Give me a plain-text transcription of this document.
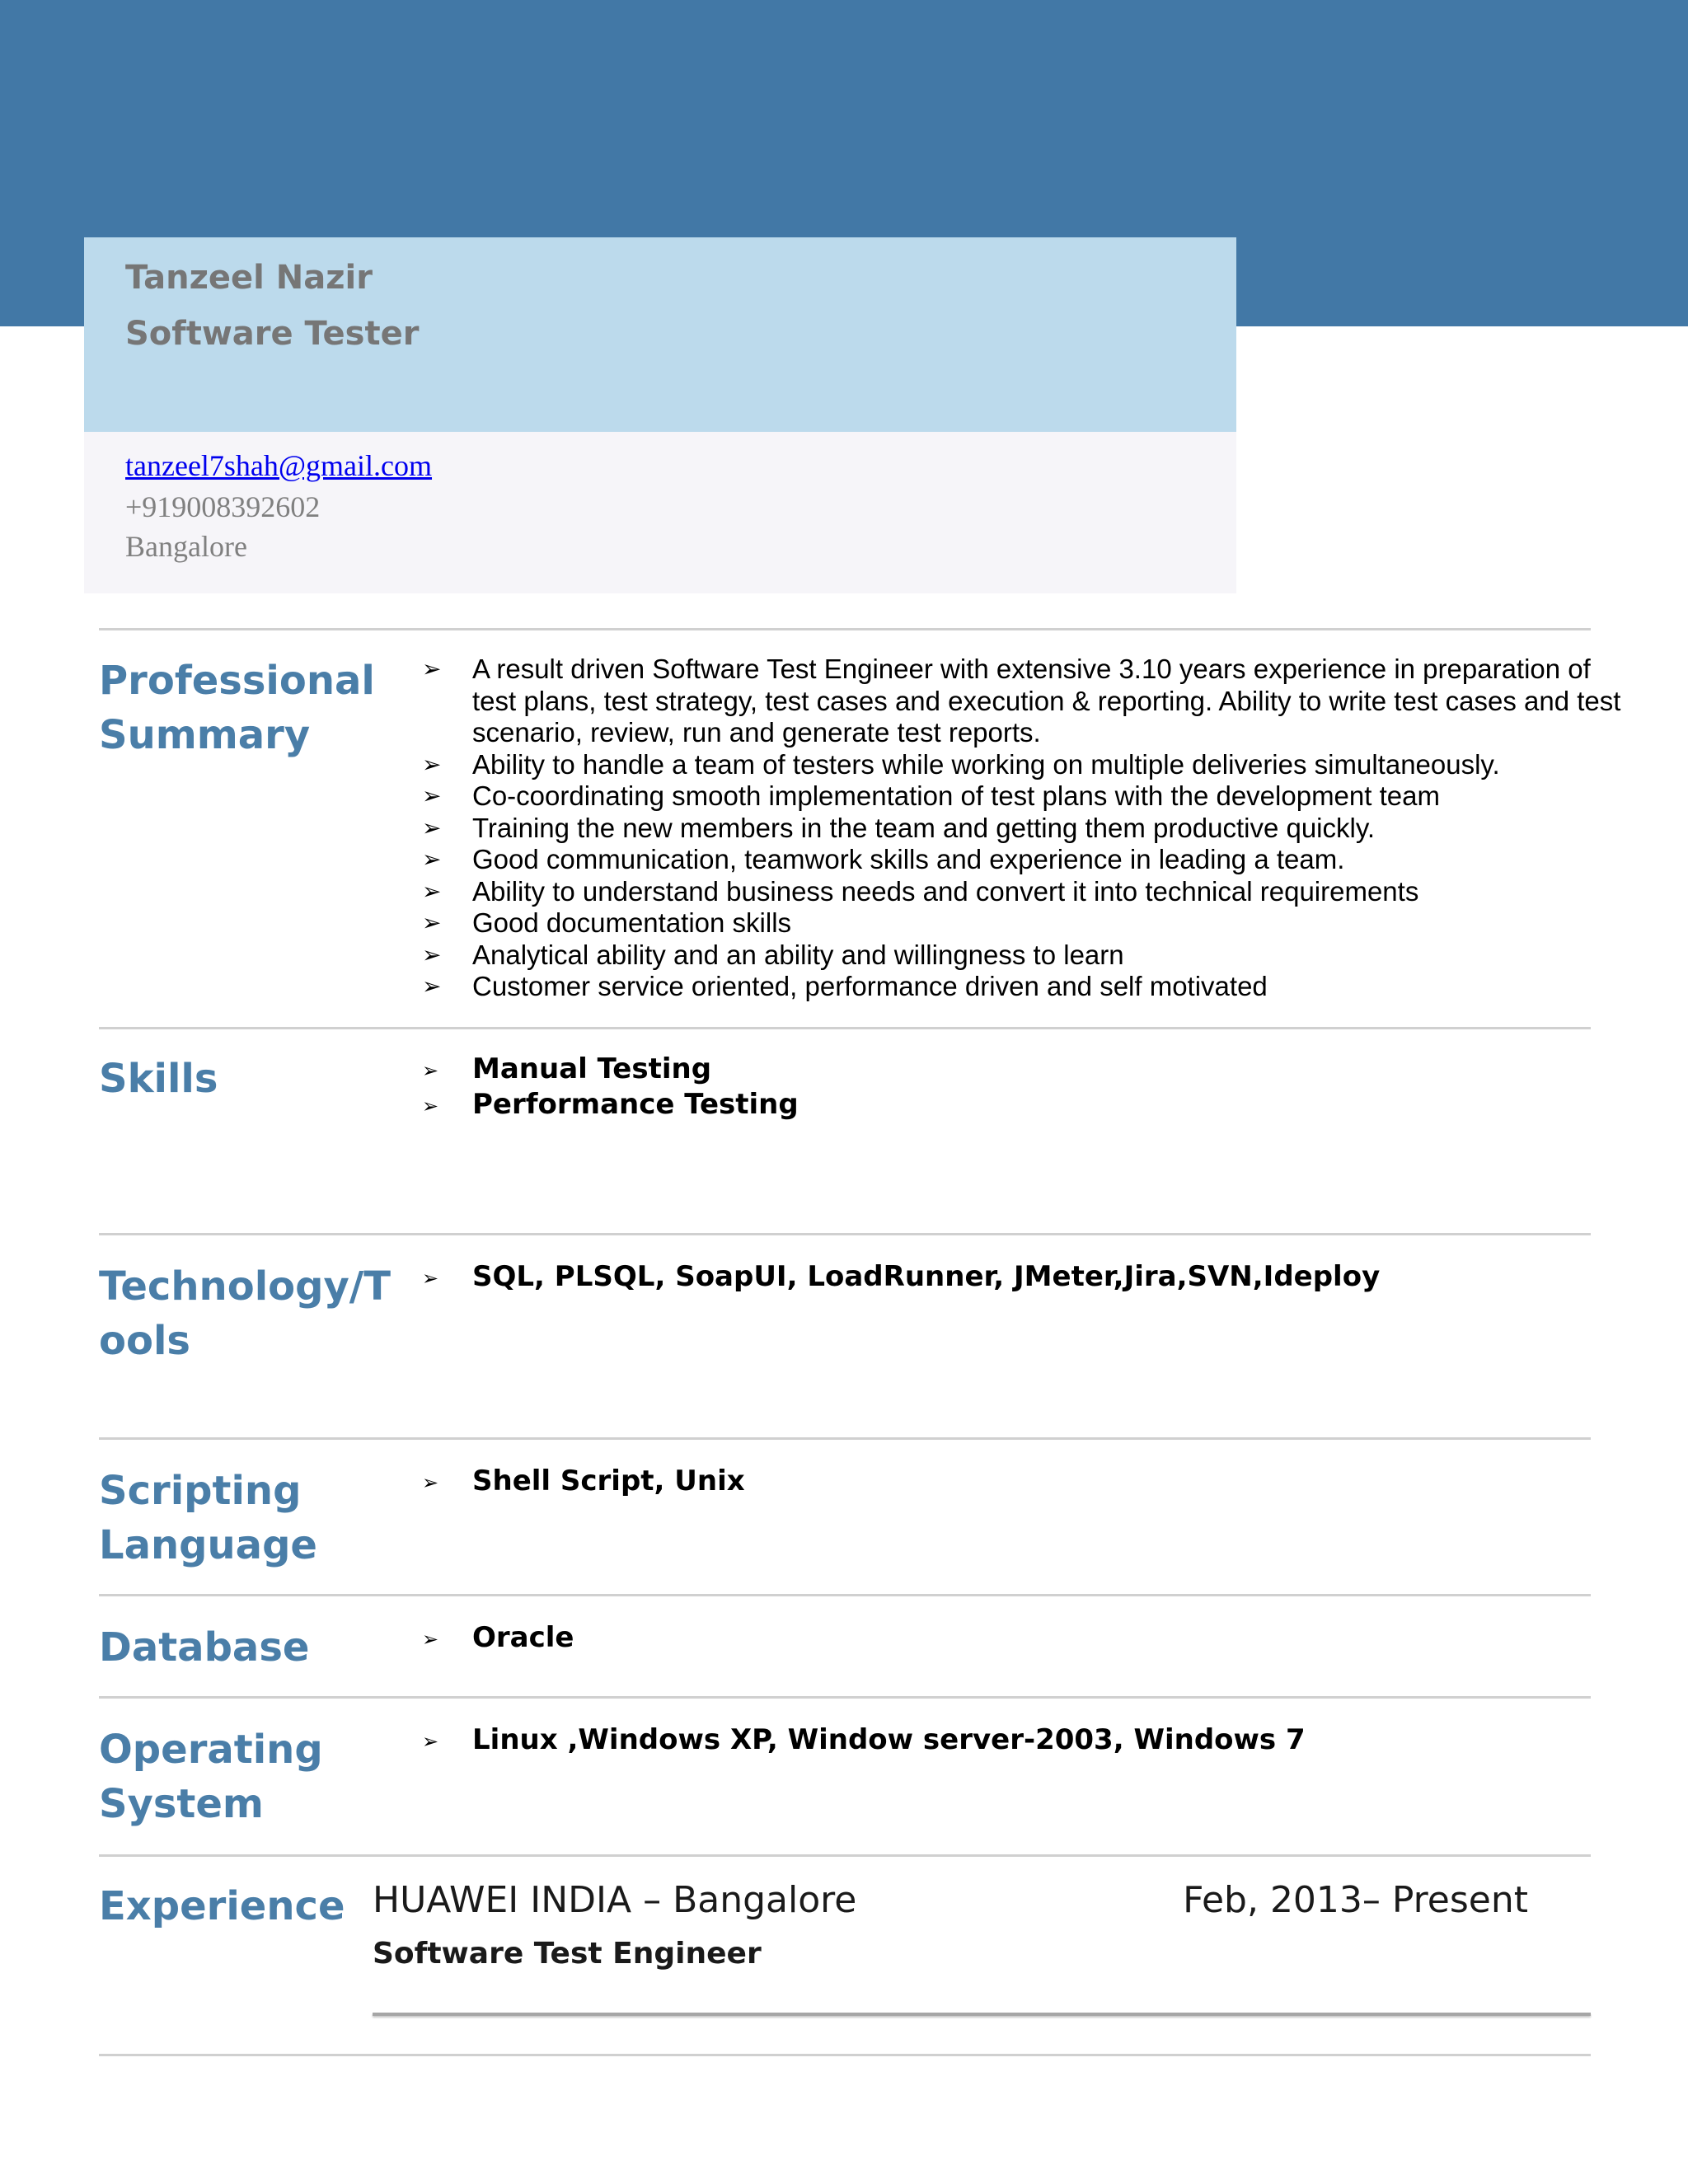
Tanzeel Nazir
Software Tester
tanzeel7shah@gmail.com
+919008392602
Bangalore
Professional
Summary
➢ A result driven Software Test Engineer with extensive 3.10 years experience in preparation of test plans, test strategy, test cases and execution & reporting. Ability to write test cases and test scenario, review, run and generate test reports.
➢ Ability to handle a team of testers while working on multiple deliveries simultaneously.
➢ Co-coordinating smooth implementation of test plans with the development team
➢ Training the new members in the team and getting them productive quickly.
➢ Good communication, teamwork skills and experience in leading a team.
➢ Ability to understand business needs and convert it into technical requirements
➢ Good documentation skills
➢ Analytical ability and an ability and willingness to learn
➢ Customer service oriented, performance driven and self motivated
Skills	➢ Manual Testing
➢ Performance Testing
Technology/T
ools
➢ SQL, PLSQL, SoapUI, LoadRunner, JMeter,Jira,SVN,Ideploy
Scripting
Language
➢ Shell Script, Unix
Database	➢ Oracle
Operating
System
➢ Linux ,Windows XP, Window server-2003, Windows 7
Experience HUAWEI INDIA – Bangalore	Feb, 2013– Present
Software Test Engineer
